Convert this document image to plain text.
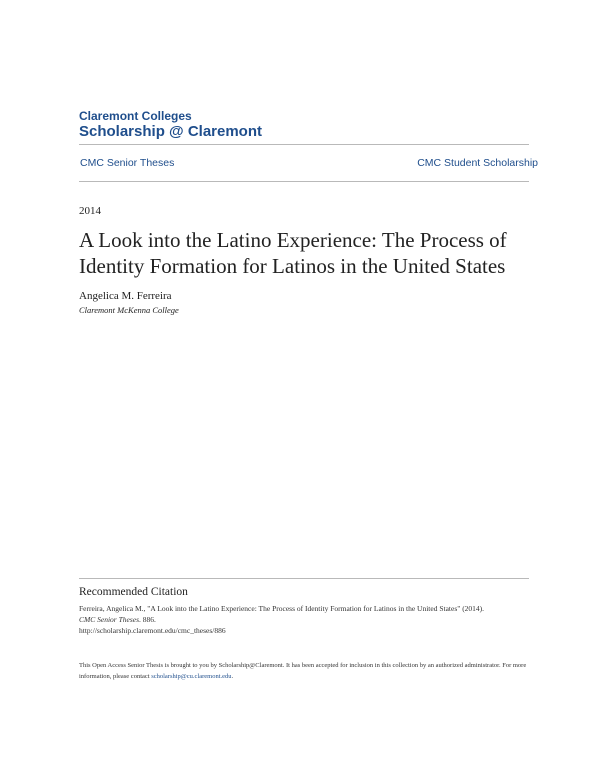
Claremont Colleges
Scholarship @ Claremont
CMC Senior Theses	CMC Student Scholarship
2014
A Look into the Latino Experience: The Process of Identity Formation for Latinos in the United States
Angelica M. Ferreira
Claremont McKenna College
Recommended Citation
Ferreira, Angelica M., "A Look into the Latino Experience: The Process of Identity Formation for Latinos in the United States" (2014).
CMC Senior Theses. 886.
http://scholarship.claremont.edu/cmc_theses/886
This Open Access Senior Thesis is brought to you by Scholarship@Claremont. It has been accepted for inclusion in this collection by an authorized administrator. For more information, please contact scholarship@cu.claremont.edu.
